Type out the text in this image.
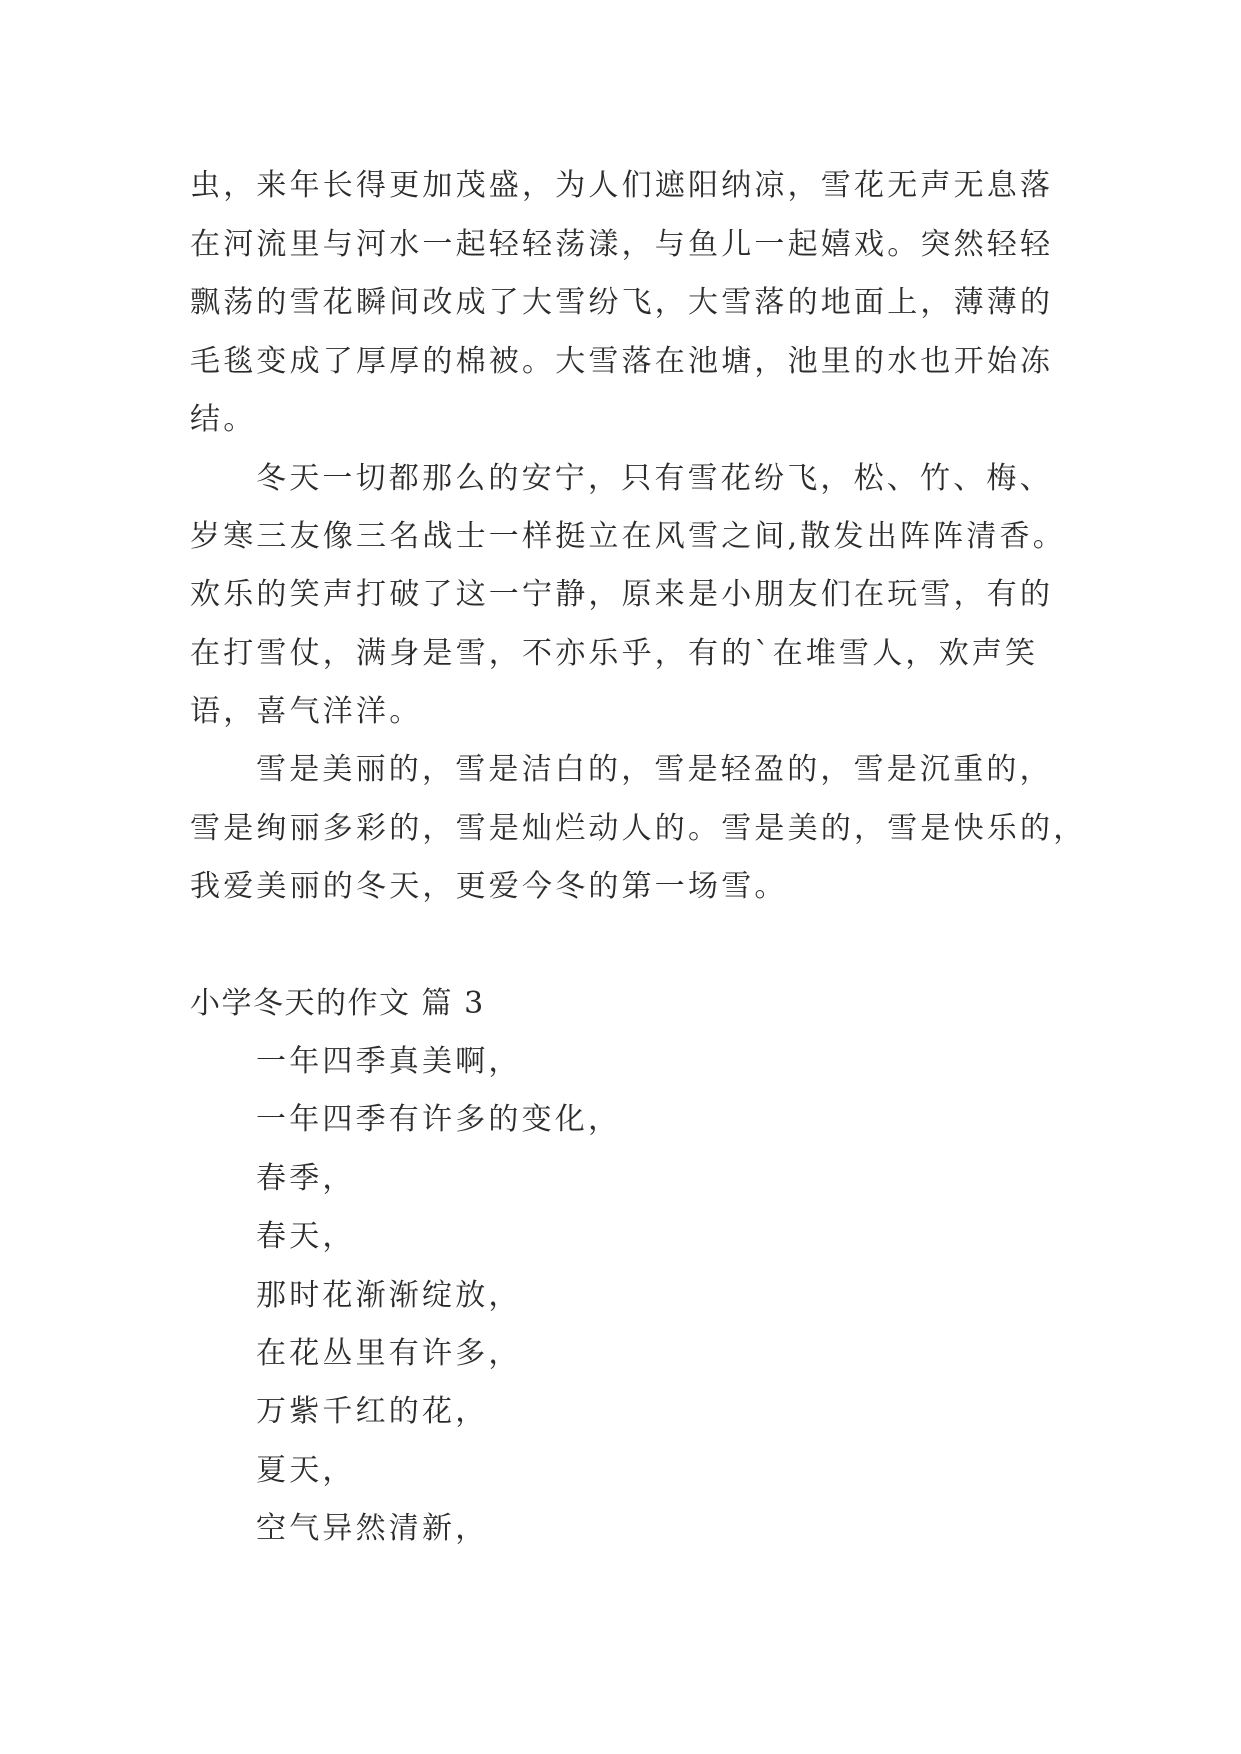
虫，来年长得更加茂盛，为人们遮阳纳凉，雪花无声无息落
在河流里与河水一起轻轻荡漾，与鱼儿一起嬉戏。突然轻轻
飘荡的雪花瞬间改成了大雪纷飞，大雪落的地面上，薄薄的
毛毯变成了厚厚的棉被。大雪落在池塘，池里的水也开始冻
结。
冬天一切都那么的安宁，只有雪花纷飞，松、竹、梅、
岁寒三友像三名战士一样挺立在风雪之间,散发出阵阵清香。
欢乐的笑声打破了这一宁静，原来是小朋友们在玩雪，有的
在打雪仗，满身是雪，不亦乐乎，有的`在堆雪人，欢声笑
语，喜气洋洋。
雪是美丽的，雪是洁白的，雪是轻盈的，雪是沉重的，
雪是绚丽多彩的，雪是灿烂动人的。雪是美的，雪是快乐的，
我爱美丽的冬天，更爱今冬的第一场雪。
小学冬天的作文 篇 3
一年四季真美啊，
一年四季有许多的变化，
春季，
春天，
那时花渐渐绽放，
在花丛里有许多，
万紫千红的花，
夏天，
空气异然清新，
